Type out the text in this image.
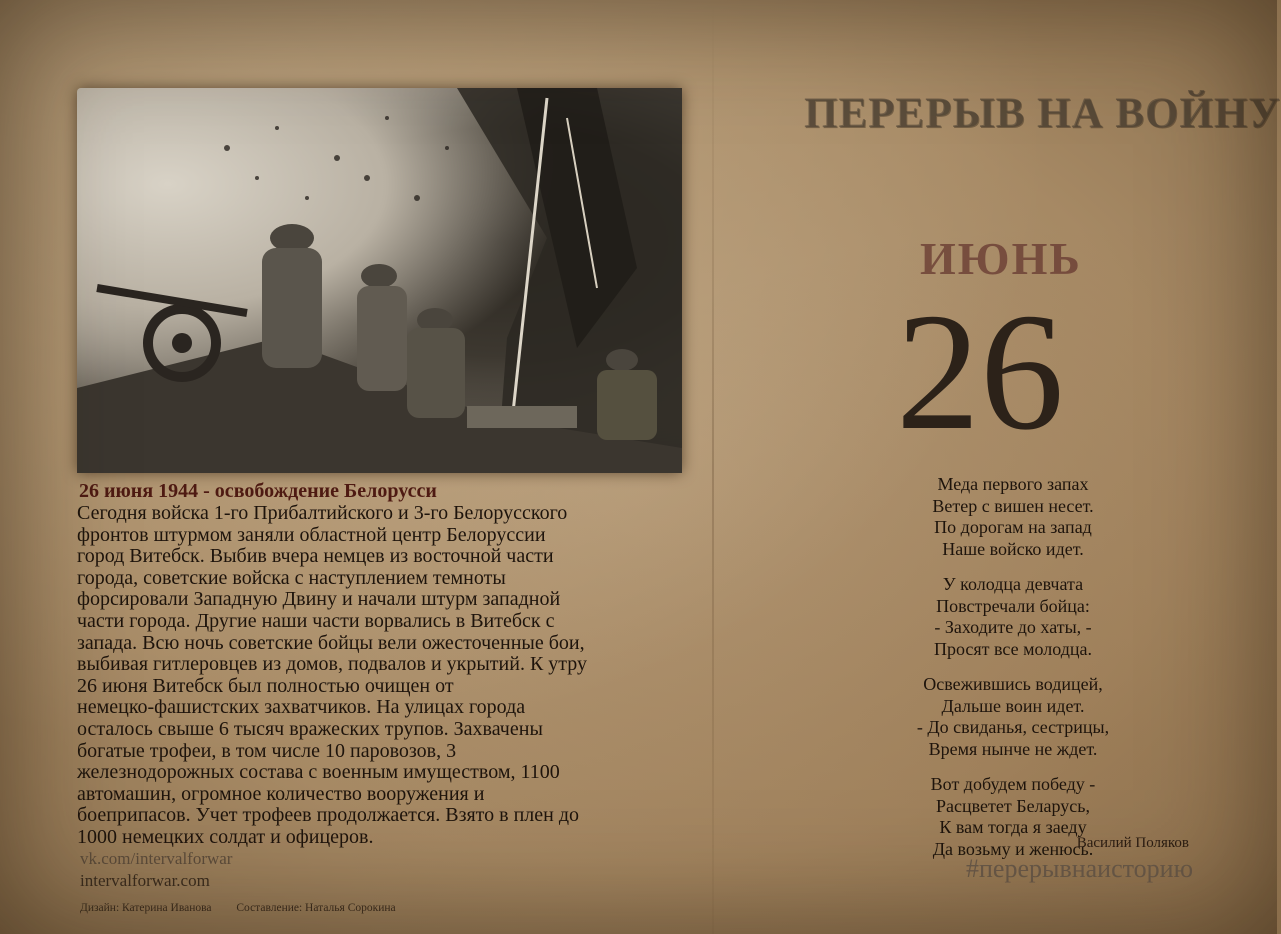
26 июня 1944 - освобождение Белорусси
Сегодня войска 1-го Прибалтийского и 3-го Белорусского
фронтов штурмом заняли областной центр Белоруссии
город Витебск. Выбив вчера немцев из восточной части
города, советские войска с наступлением темноты
форсировали Западную Двину и начали штурм западной
части города. Другие наши части ворвались в Витебск с
запада. Всю ночь советские бойцы вели ожесточенные бои,
выбивая гитлеровцев из домов, подвалов и укрытий. К утру
26 июня Витебск был полностью очищен от
немецко-фашистских захватчиков. На улицах города
осталось свыше 6 тысяч вражеских трупов. Захвачены
богатые трофеи, в том числе 10 паровозов, 3
железнодорожных состава с военным имуществом, 1100
автомашин, огромное количество вооружения и
боеприпасов. Учет трофеев продолжается. Взято в плен до
1000 немецких солдат и офицеров.
vk.com/intervalforwar
intervalforwar.com
Дизайн: Катерина Иванова Составление: Наталья Сорокина
ПЕРЕРЫВ НА ВОЙНУ
ИЮНЬ
26
Меда первого запах
Ветер с вишен несет.
По дорогам на запад
Наше войско идет.
У колодца девчата
Повстречали бойца:
- Заходите до хаты, -
Просят все молодца.
Освежившись водицей,
Дальше воин идет.
- До свиданья, сестрицы,
Время нынче не ждет.
Вот добудем победу -
Расцветет Беларусь,
К вам тогда я заеду
Да возьму и женюсь.
Василий Поляков
#перерывнаисторию
